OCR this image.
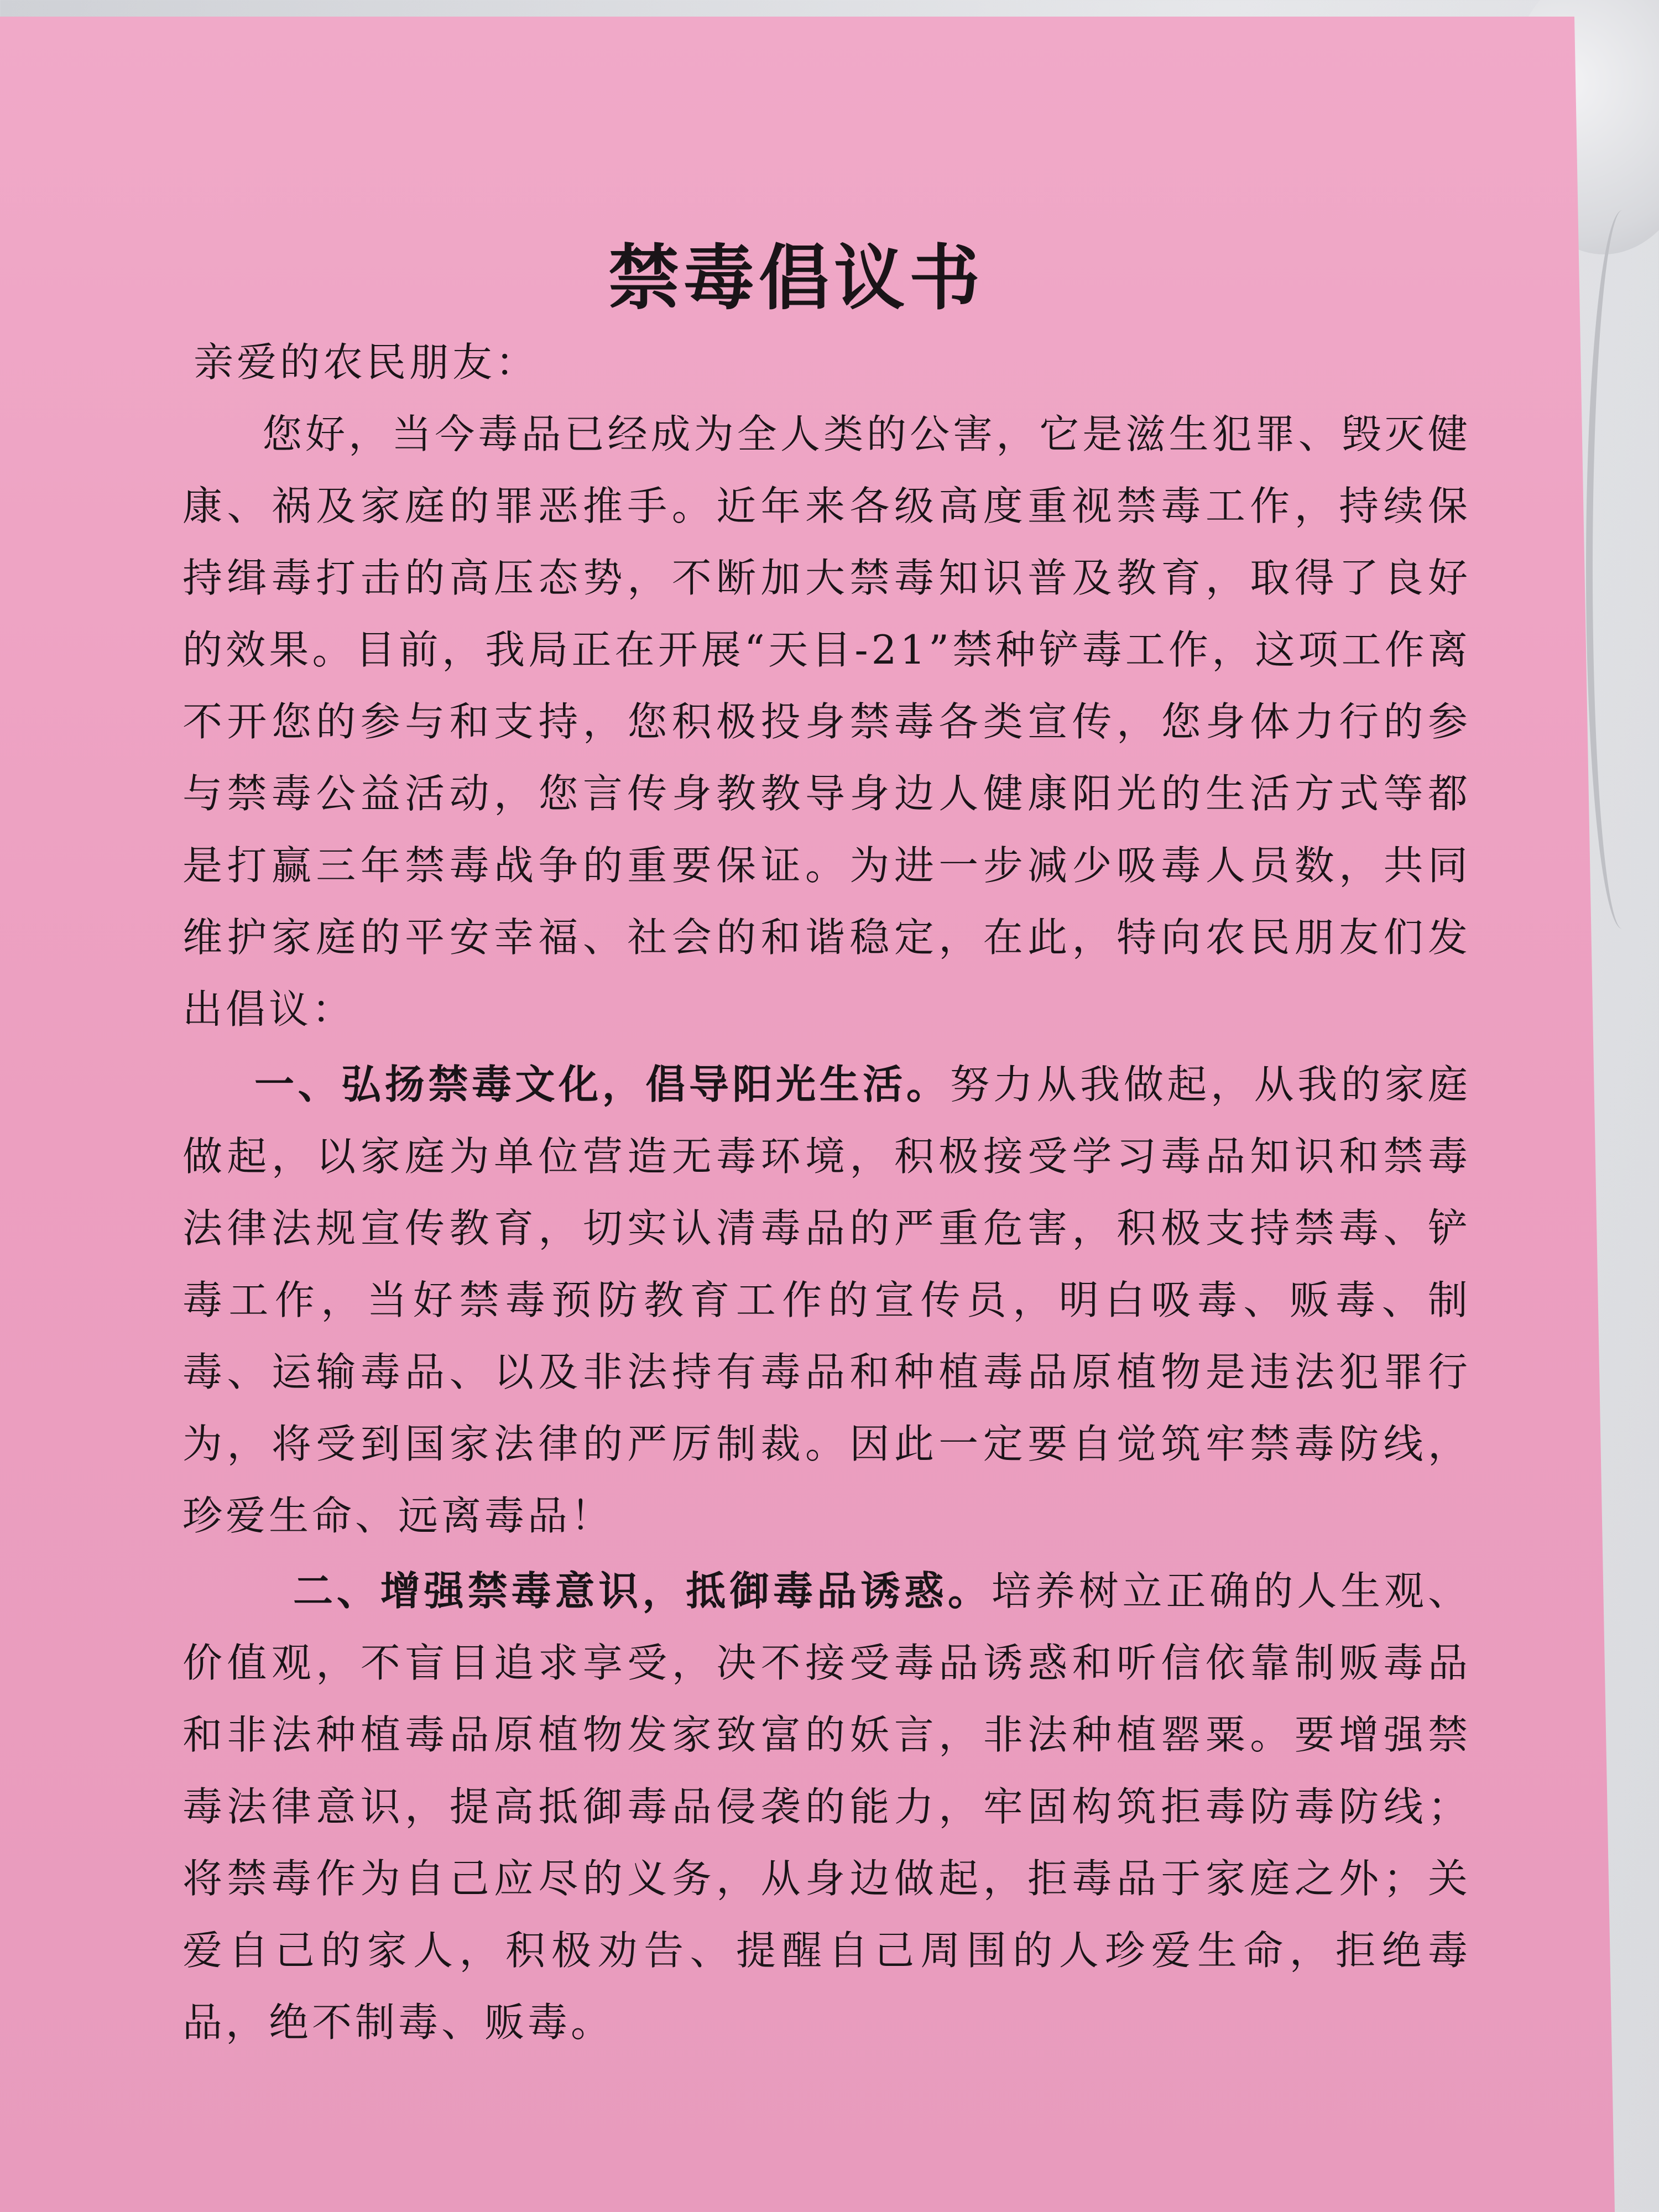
禁毒倡议书

亲爱的农民朋友：

您好，当今毒品已经成为全人类的公害，它是滋生犯罪、毁灭健康、祸及家庭的罪恶推手。近年来各级高度重视禁毒工作，持续保持缉毒打击的高压态势，不断加大禁毒知识普及教育，取得了良好的效果。目前，我局正在开展“天目-21”禁种铲毒工作，这项工作离不开您的参与和支持，您积极投身禁毒各类宣传，您身体力行的参与禁毒公益活动，您言传身教教导身边人健康阳光的生活方式等都是打赢三年禁毒战争的重要保证。为进一步减少吸毒人员数，共同维护家庭的平安幸福、社会的和谐稳定，在此，特向农民朋友们发出倡议：

一、弘扬禁毒文化，倡导阳光生活。努力从我做起，从我的家庭做起，以家庭为单位营造无毒环境，积极接受学习毒品知识和禁毒法律法规宣传教育，切实认清毒品的严重危害，积极支持禁毒、铲毒工作，当好禁毒预防教育工作的宣传员，明白吸毒、贩毒、制毒、运输毒品、以及非法持有毒品和种植毒品原植物是违法犯罪行为，将受到国家法律的严厉制裁。因此一定要自觉筑牢禁毒防线，珍爱生命、远离毒品！

二、增强禁毒意识，抵御毒品诱惑。培养树立正确的人生观、价值观，不盲目追求享受，决不接受毒品诱惑和听信依靠制贩毒品和非法种植毒品原植物发家致富的妖言，非法种植罂粟。要增强禁毒法律意识，提高抵御毒品侵袭的能力，牢固构筑拒毒防毒防线；将禁毒作为自己应尽的义务，从身边做起，拒毒品于家庭之外；关爱自己的家人，积极劝告、提醒自己周围的人珍爱生命，拒绝毒品，绝不制毒、贩毒。
